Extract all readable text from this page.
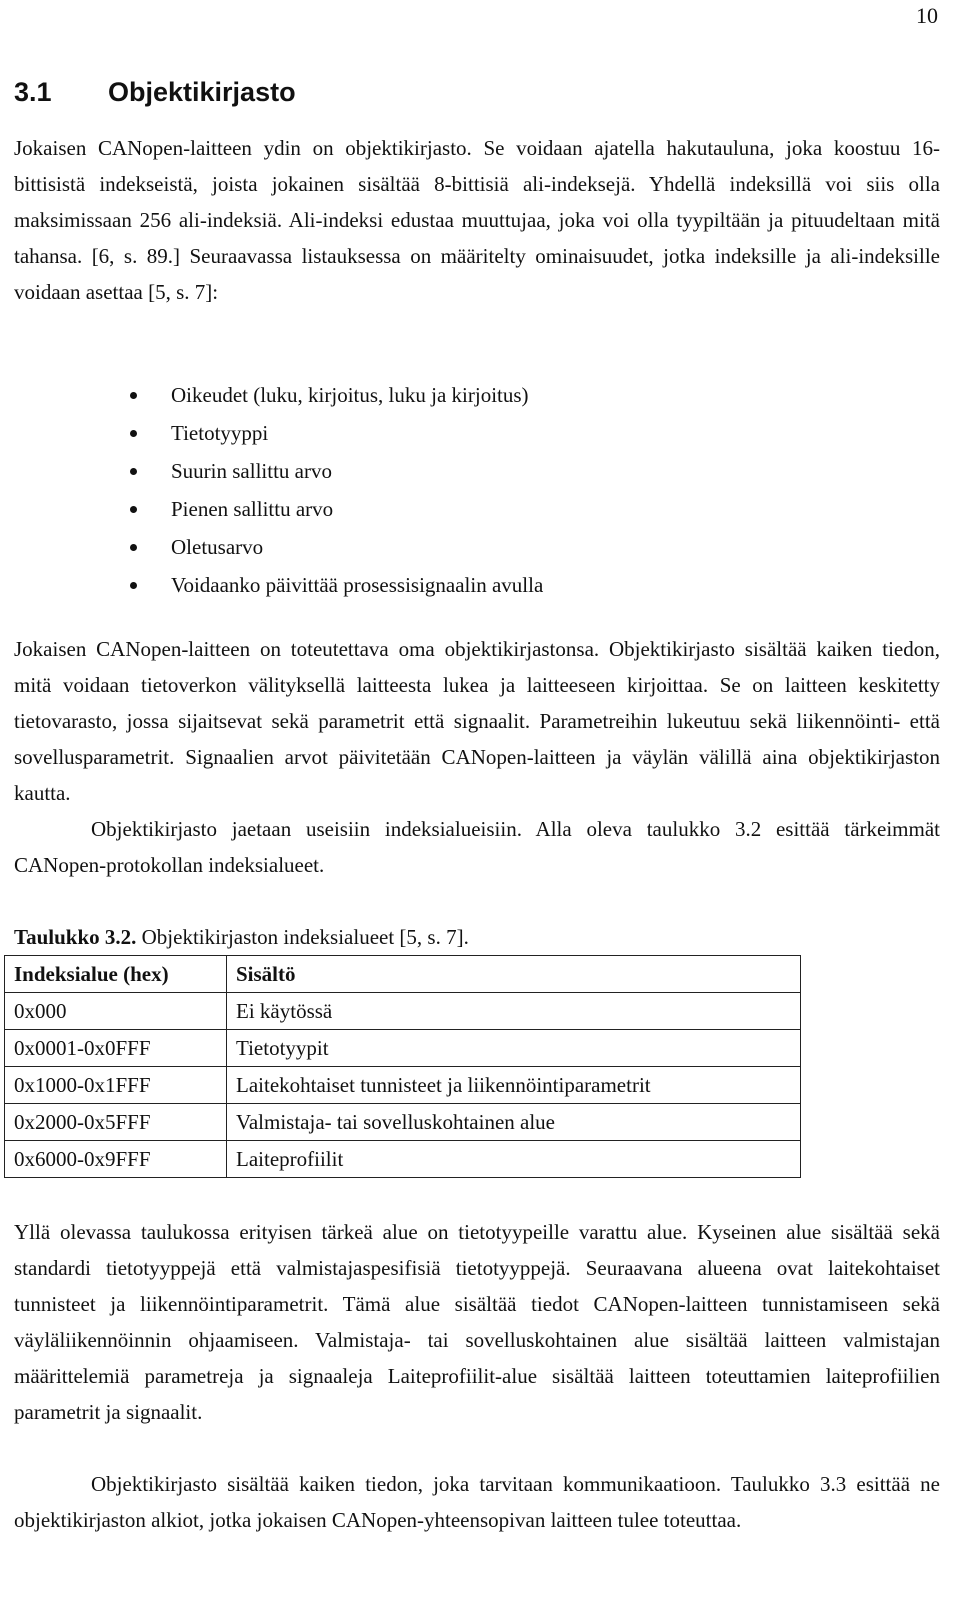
10
3.1 Objektikirjasto

Jokaisen CANopen-laitteen ydin on objektikirjasto. Se voidaan ajatella hakutauluna, joka koostuu 16-bittisistä indekseistä, joista jokainen sisältää 8-bittisiä ali-indeksejä. Yhdellä indeksillä voi siis olla maksimissaan 256 ali-indeksiä. Ali-indeksi edustaa muuttujaa, joka voi olla tyypiltään ja pituudeltaan mitä tahansa. [6, s. 89.] Seuraavassa listauksessa on määritelty ominaisuudet, jotka indeksille ja ali-indeksille voidaan asettaa [5, s. 7]:

Oikeudet (luku, kirjoitus, luku ja kirjoitus)
Tietotyyppi
Suurin sallittu arvo
Pienen sallittu arvo
Oletusarvo
Voidaanko päivittää prosessisignaalin avulla

Jokaisen CANopen-laitteen on toteutettava oma objektikirjastonsa. Objektikirjasto sisältää kaiken tiedon, mitä voidaan tietoverkon välityksellä laitteesta lukea ja laitteeseen kirjoittaa. Se on laitteen keskitetty tietovarasto, jossa sijaitsevat sekä parametrit että signaalit. Parametreihin lukeutuu sekä liikennöinti- että sovellusparametrit. Signaalien arvot päivitetään CANopen-laitteen ja väylän välillä aina objektikirjaston kautta.

Objektikirjasto jaetaan useisiin indeksialueisiin. Alla oleva taulukko 3.2 esittää tärkeimmät CANopen-protokollan indeksialueet.

Taulukko 3.2. Objektikirjaston indeksialueet [5, s. 7].

Indeksialue (hex)	Sisältö
0x000	Ei käytössä
0x0001-0x0FFF	Tietotyypit
0x1000-0x1FFF	Laitekohtaiset tunnisteet ja liikennöintiparametrit
0x2000-0x5FFF	Valmistaja- tai sovelluskohtainen alue
0x6000-0x9FFF	Laiteprofiilit

Yllä olevassa taulukossa erityisen tärkeä alue on tietotyypeille varattu alue. Kyseinen alue sisältää sekä standardi tietotyyppejä että valmistajaspesifisiä tietotyyppejä. Seuraavana alueena ovat laitekohtaiset tunnisteet ja liikennöintiparametrit. Tämä alue sisältää tiedot CANopen-laitteen tunnistamiseen sekä väyläliikennöinnin ohjaamiseen. Valmistaja- tai sovelluskohtainen alue sisältää laitteen valmistajan määrittelemiä parametreja ja signaaleja Laiteprofiilit-alue sisältää laitteen toteuttamien laiteprofiilien parametrit ja signaalit.

Objektikirjasto sisältää kaiken tiedon, joka tarvitaan kommunikaatioon. Taulukko 3.3 esittää ne objektikirjaston alkiot, jotka jokaisen CANopen-yhteensopivan laitteen tulee toteuttaa.
